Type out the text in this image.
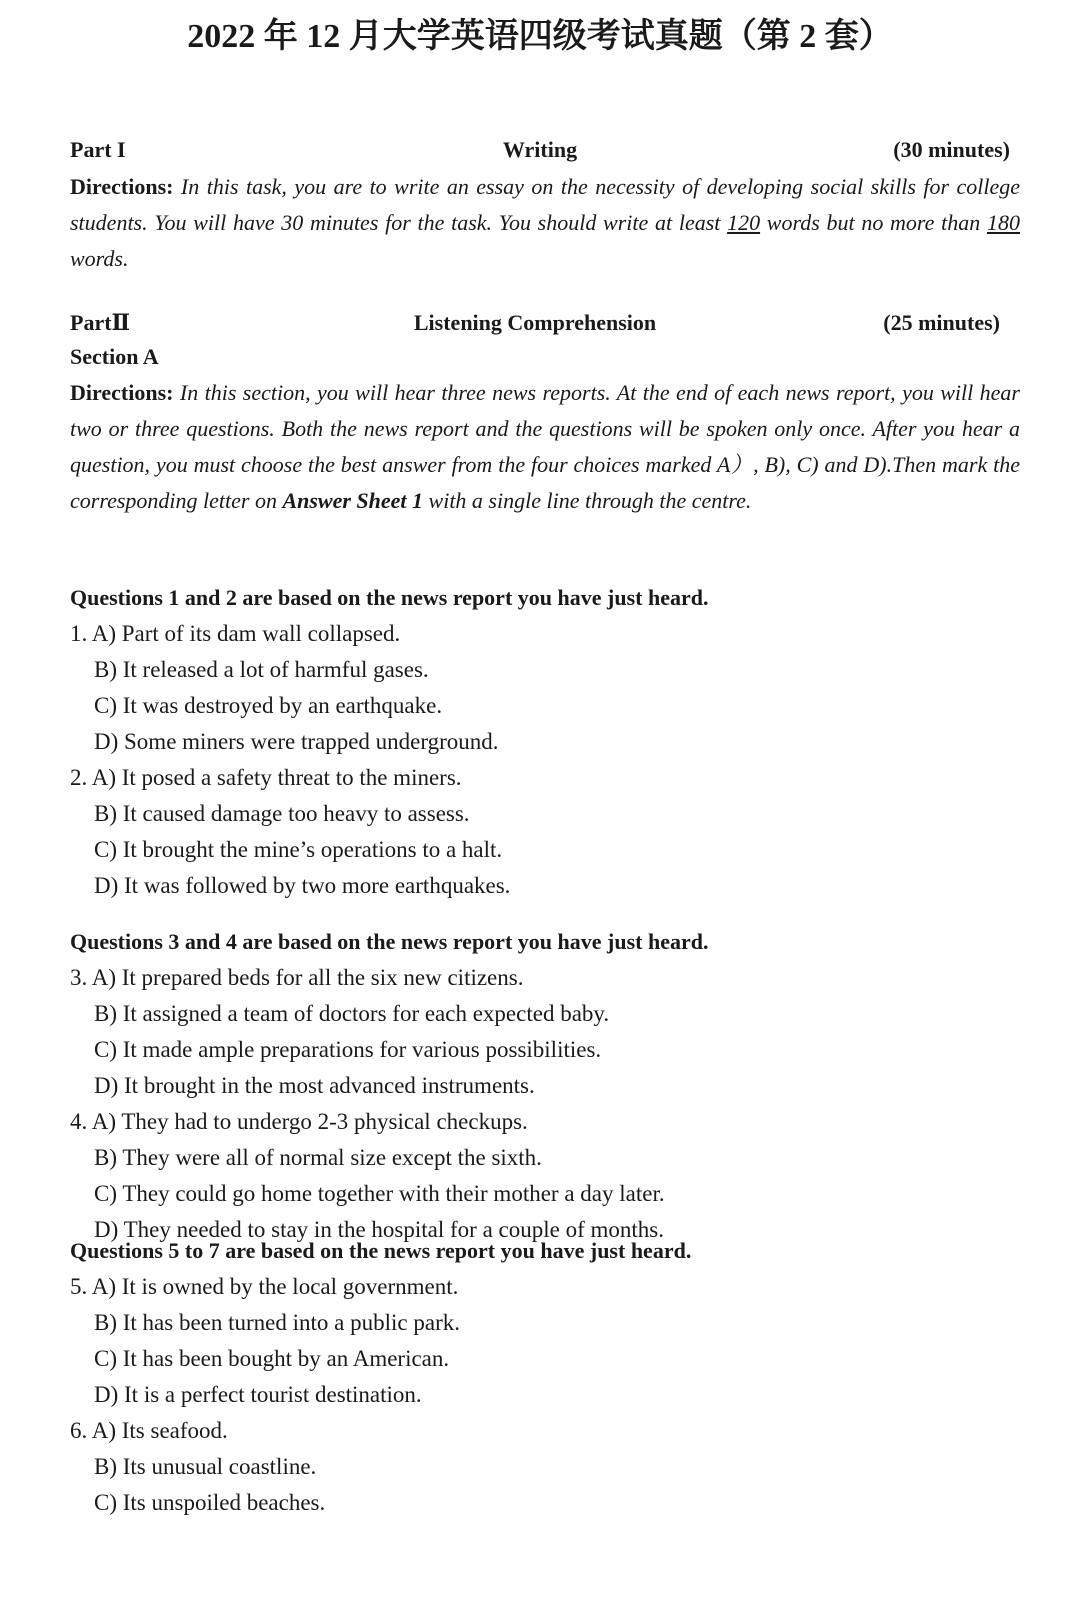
2022 年 12 月大学英语四级考试真题（第 2 套）
Part I	Writing	(30 minutes)
Directions: In this task, you are to write an essay on the necessity of developing social skills for college students. You will have 30 minutes for the task. You should write at least 120 words but no more than 180 words.
PartⅡ	Listening Comprehension	(25 minutes)
Section A
Directions: In this section, you will hear three news reports. At the end of each news report, you will hear two or three questions. Both the news report and the questions will be spoken only once. After you hear a question, you must choose the best answer from the four choices marked A）, B), C) and D).Then mark the corresponding letter on Answer Sheet 1 with a single line through the centre.
Questions 1 and 2 are based on the news report you have just heard.
1. A) Part of its dam wall collapsed.
B) It released a lot of harmful gases.
C) It was destroyed by an earthquake.
D) Some miners were trapped underground.
2. A) It posed a safety threat to the miners.
B) It caused damage too heavy to assess.
C) It brought the mine’s operations to a halt.
D) It was followed by two more earthquakes.
Questions 3 and 4 are based on the news report you have just heard.
3. A) It prepared beds for all the six new citizens.
B) It assigned a team of doctors for each expected baby.
C) It made ample preparations for various possibilities.
D) It brought in the most advanced instruments.
4. A) They had to undergo 2-3 physical checkups.
B) They were all of normal size except the sixth.
C) They could go home together with their mother a day later.
D) They needed to stay in the hospital for a couple of months.
Questions 5 to 7 are based on the news report you have just heard.
5. A) It is owned by the local government.
B) It has been turned into a public park.
C) It has been bought by an American.
D) It is a perfect tourist destination.
6. A) Its seafood.
B) Its unusual coastline.
C) Its unspoiled beaches.
